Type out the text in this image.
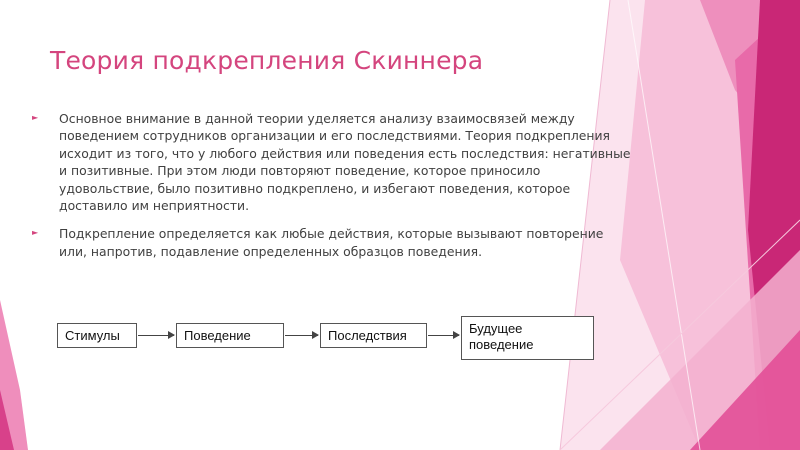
Теория подкрепления Скиннера
► Основное внимание в данной теории уделяется анализу взаимосвязей между поведением сотрудников организации и его последствиями. Теория подкрепления исходит из того, что у любого действия или поведения есть последствия: негативные и позитивные. При этом люди повторяют поведение, которое приносило удовольствие, было позитивно подкреплено, и избегают поведения, которое доставило им неприятности.
► Подкрепление определяется как любые действия, которые вызывают повторение или, напротив, подавление определенных образцов поведения.
Стимулы	Поведение	Последствия	Будущее поведение
